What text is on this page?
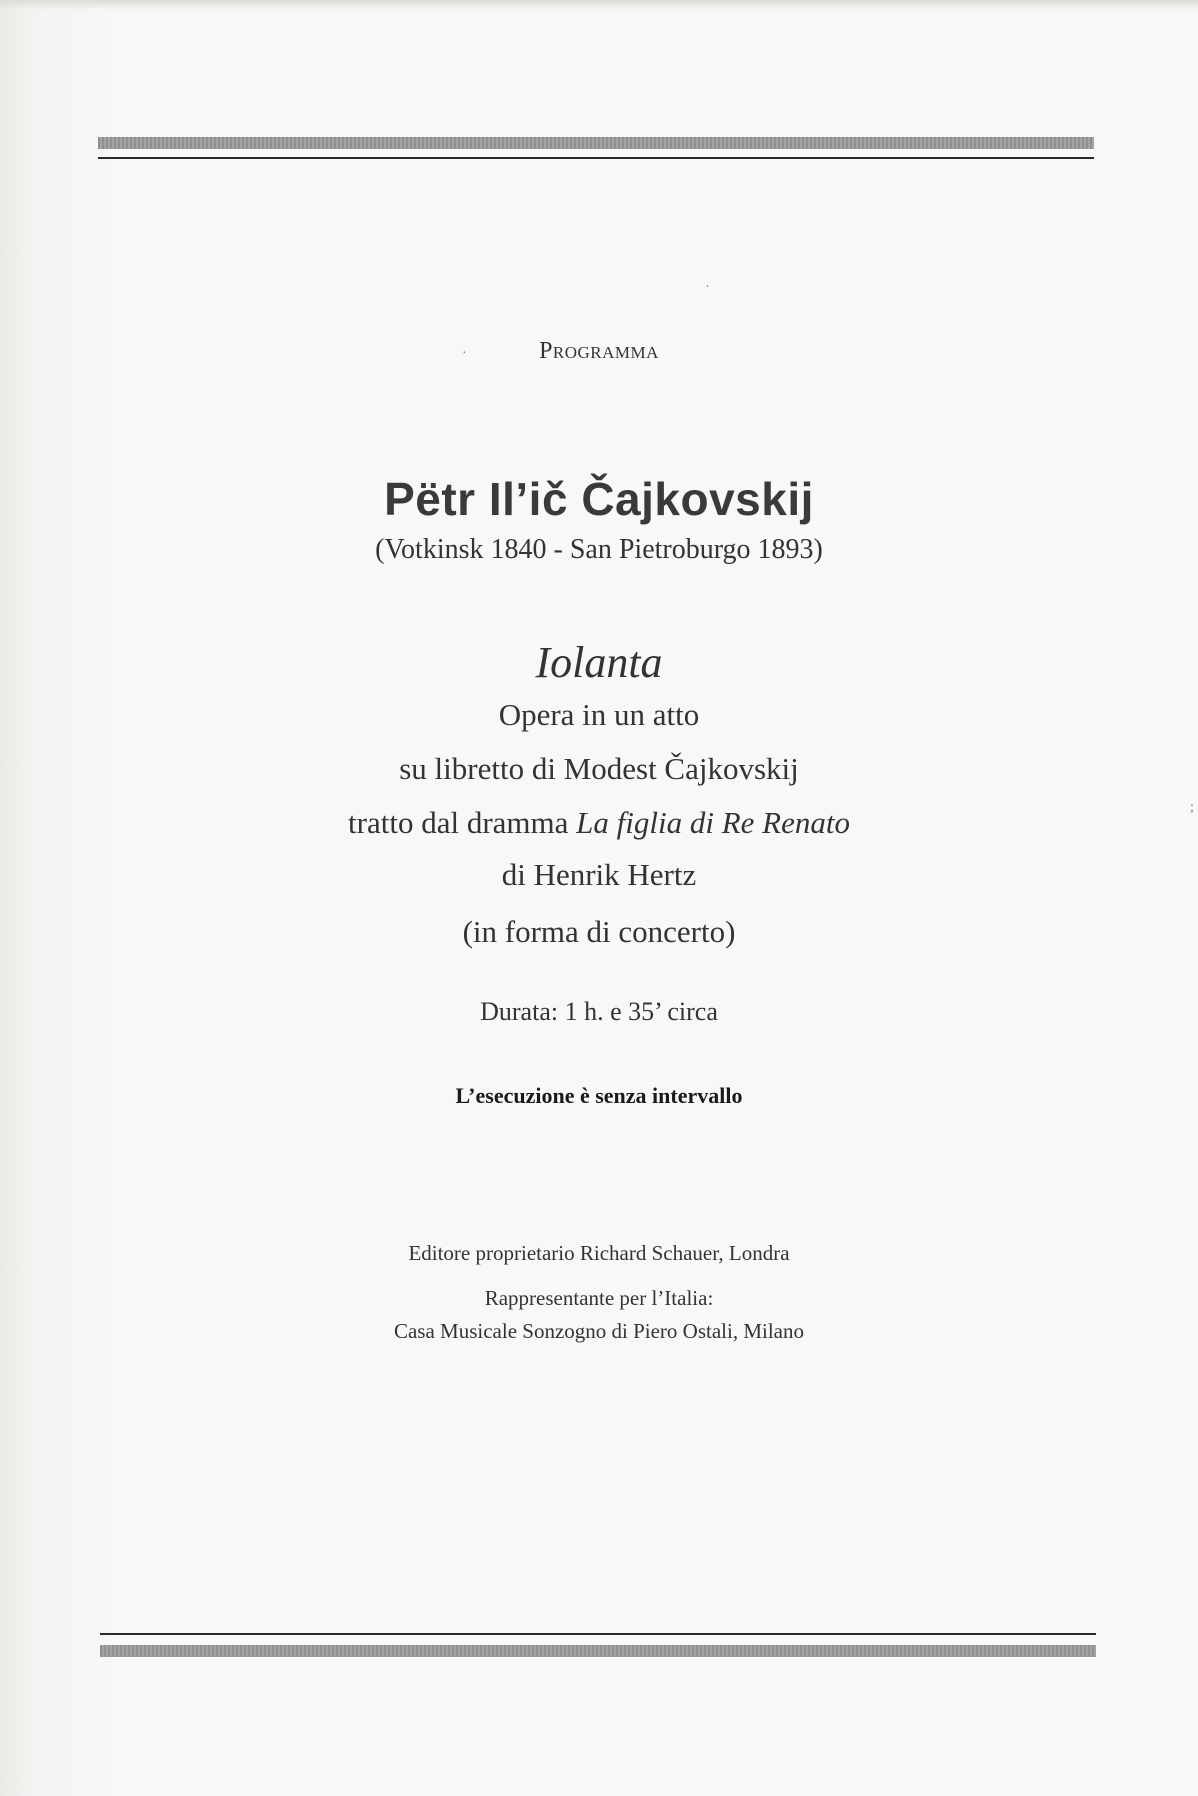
Programma
Pëtr Il’ič Čajkovskij
(Votkinsk 1840 - San Pietroburgo 1893)
Iolanta
Opera in un atto
su libretto di Modest Čajkovskij
tratto dal dramma La figlia di Re Renato
di Henrik Hertz
(in forma di concerto)
Durata: 1 h. e 35’ circa
L’esecuzione è senza intervallo
Editore proprietario Richard Schauer, Londra
Rappresentante per l’Italia:
Casa Musicale Sonzogno di Piero Ostali, Milano
·
·
;
